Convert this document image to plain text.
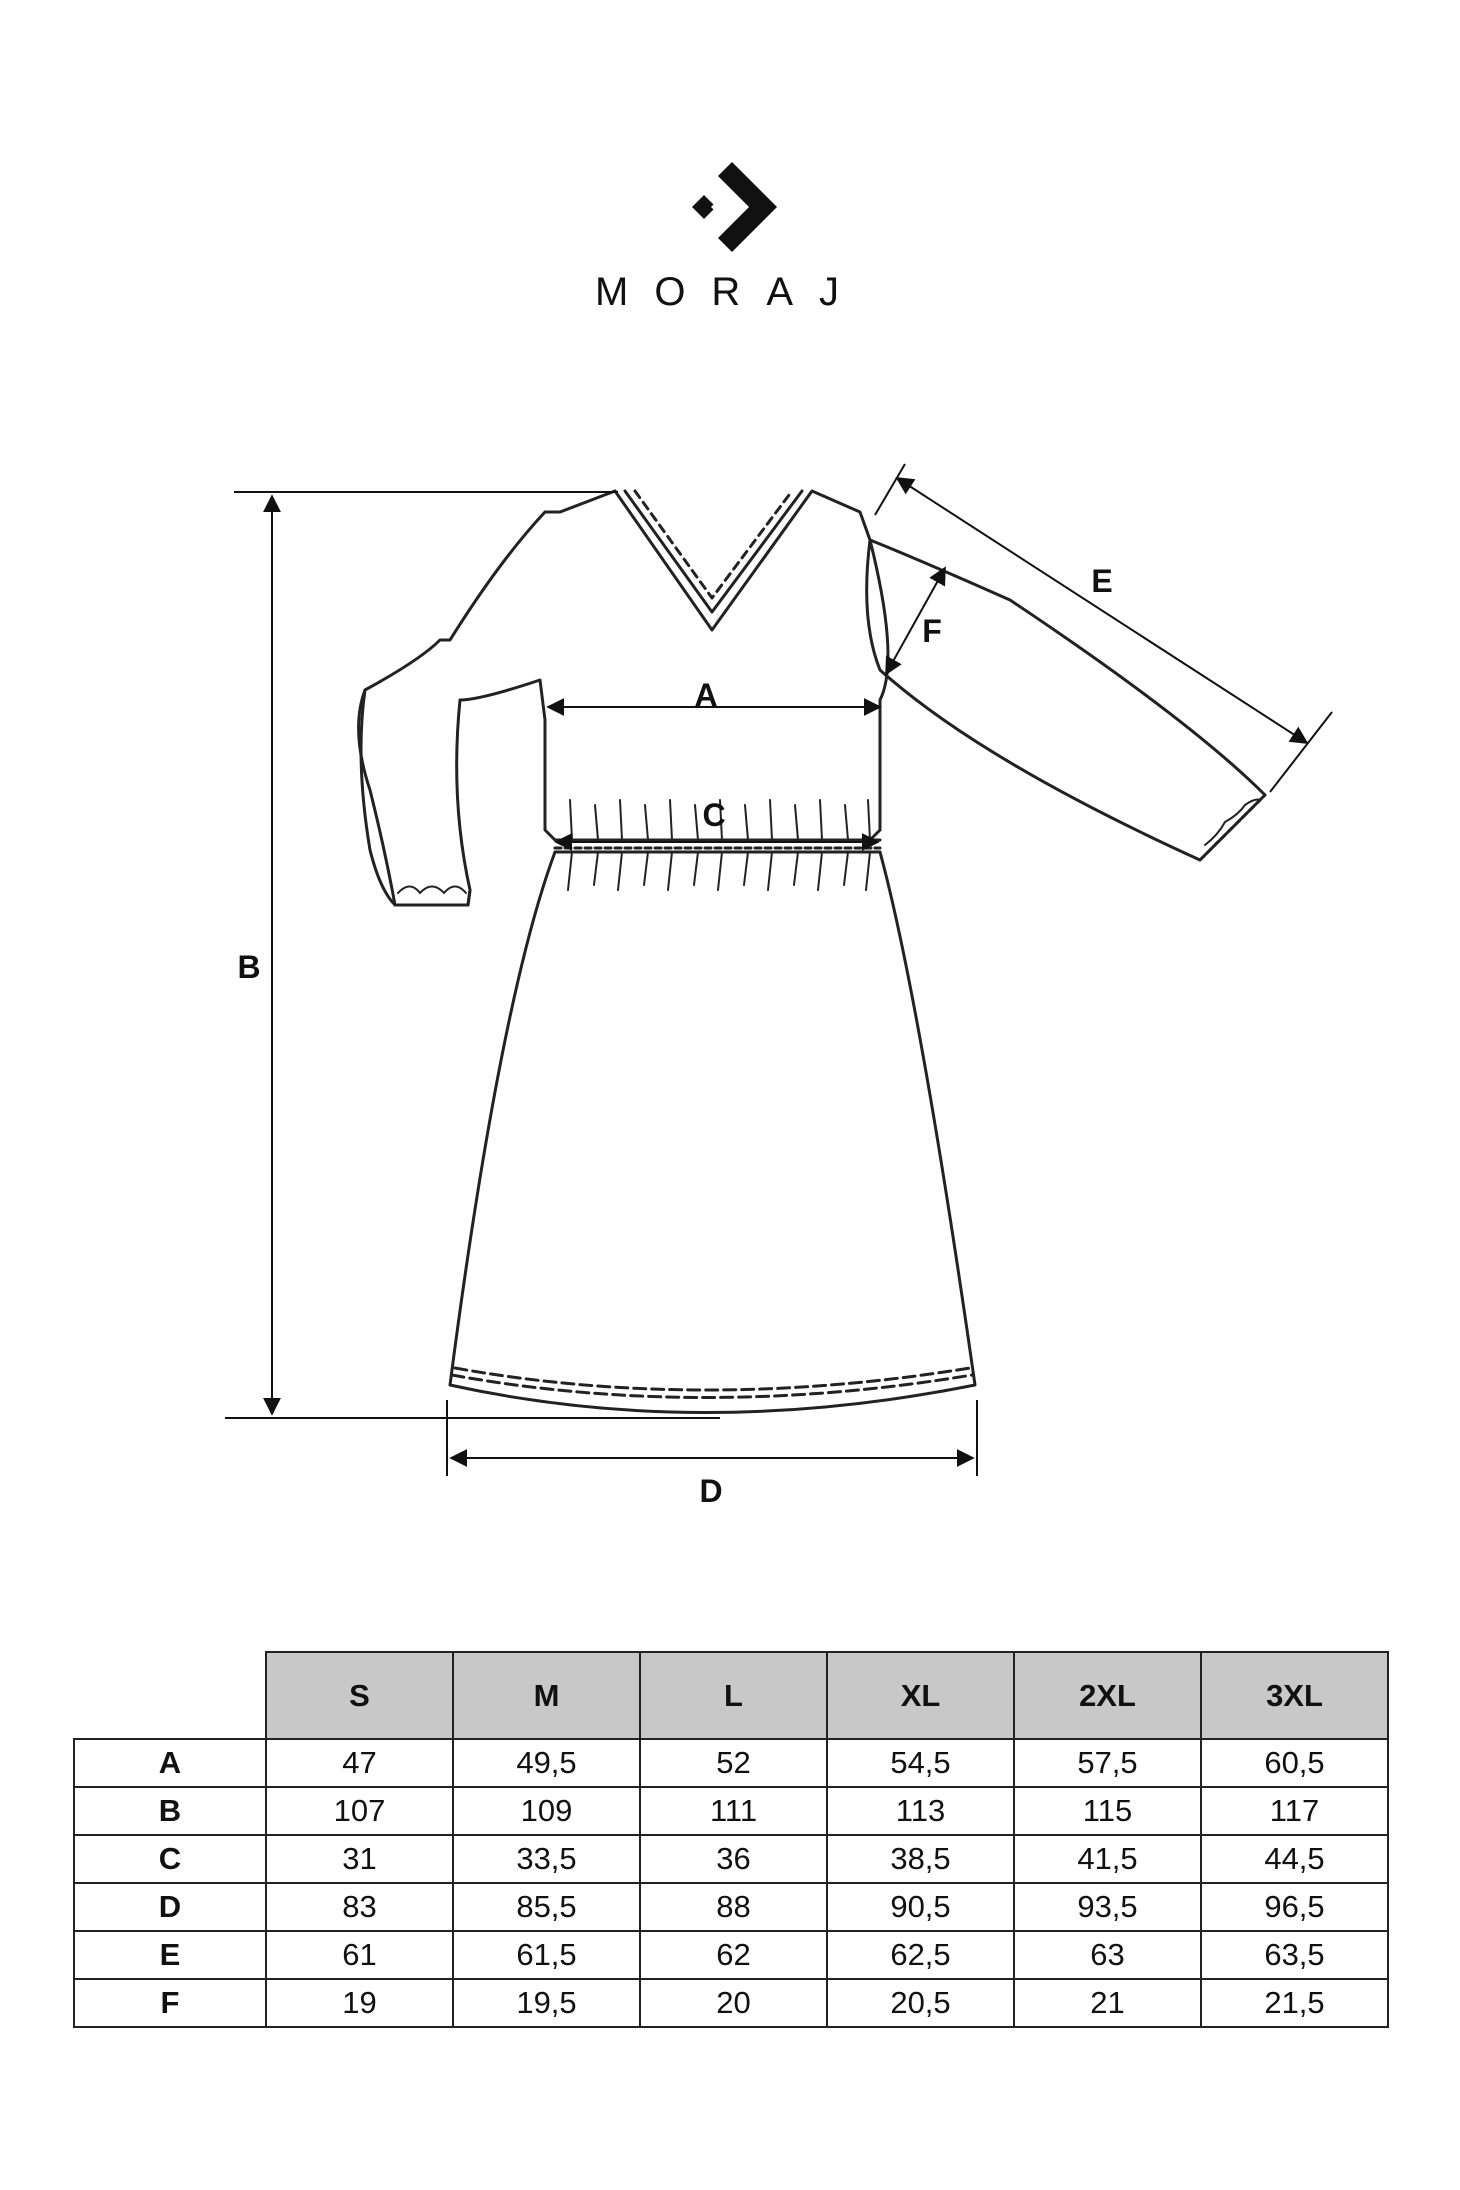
MORAJ
A
B
C
D
E
F
	S	M	L	XL	2XL	3XL
A	47	49,5	52	54,5	57,5	60,5
B	107	109	111	113	115	117
C	31	33,5	36	38,5	41,5	44,5
D	83	85,5	88	90,5	93,5	96,5
E	61	61,5	62	62,5	63	63,5
F	19	19,5	20	20,5	21	21,5
